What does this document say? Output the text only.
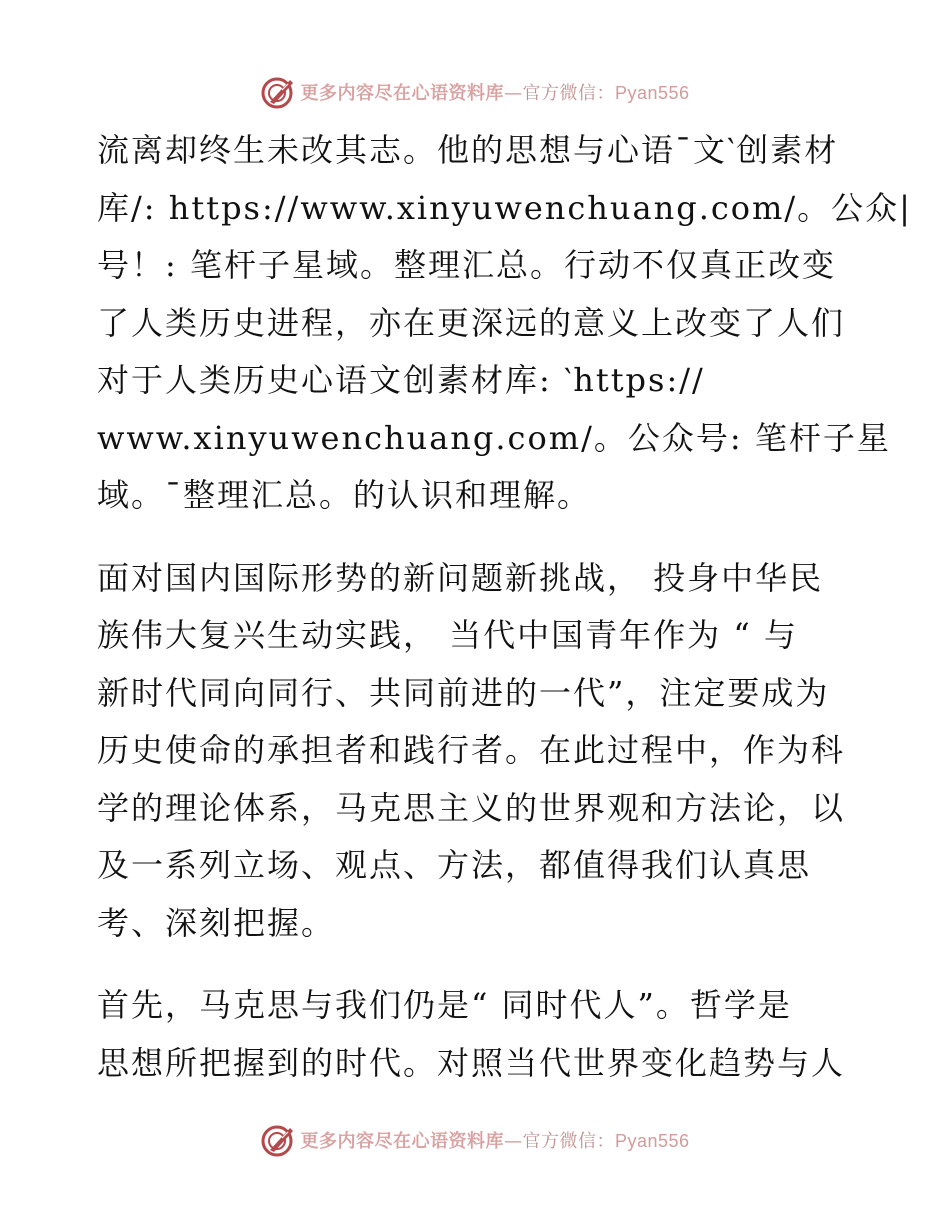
更多内容尽在心语资料库—官方微信：Pyan556

流离却终生未改其志。他的思想与心语¯文‵创素材
库/: https://www.xinyuwenchuang.com/。公众|
号！: 笔杆子星域。整理汇总。行动不仅真正改变
了人类历史进程，亦在更深远的意义上改变了人们
对于人类历史心语文创素材库: ‵https://
www.xinyuwenchuang.com/。公众号: 笔杆子星
域。¯整理汇总。的认识和理解。

面对国内国际形势的新问题新挑战， 投身中华民
族伟大复兴生动实践， 当代中国青年作为 “ 与
新时代同向同行、共同前进的一代”，注定要成为
历史使命的承担者和践行者。在此过程中，作为科
学的理论体系，马克思主义的世界观和方法论，以
及一系列立场、观点、方法，都值得我们认真思
考、深刻把握。

首先，马克思与我们仍是“ 同时代人”。哲学是
思想所把握到的时代。对照当代世界变化趋势与人

更多内容尽在心语资料库—官方微信：Pyan556
